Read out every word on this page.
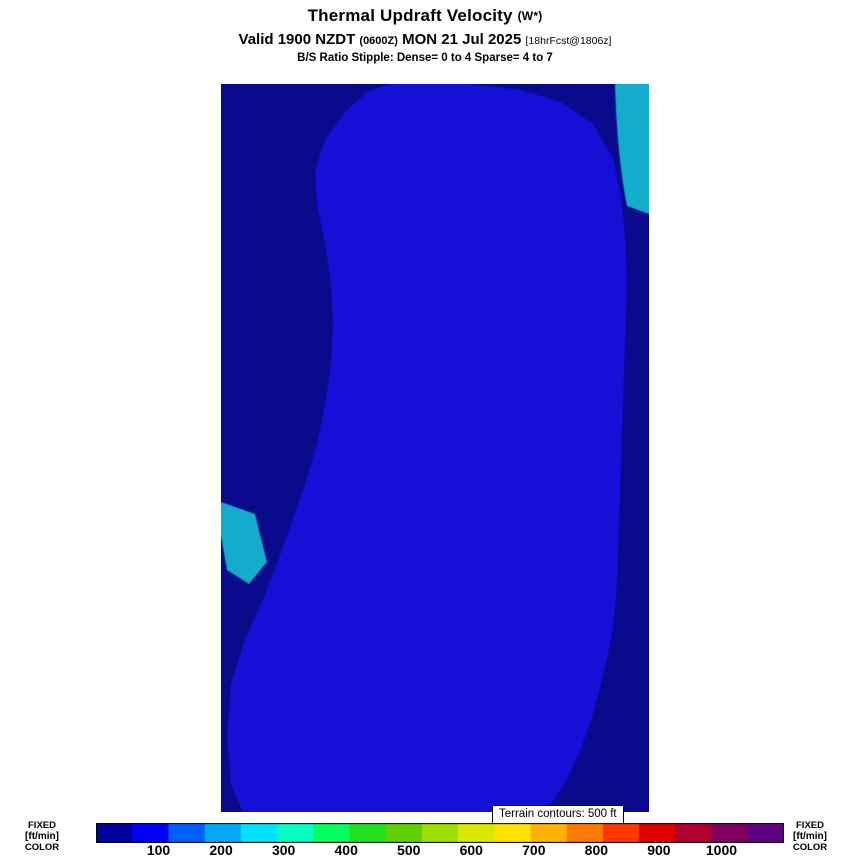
Thermal Updraft Velocity (W*)
Valid 1900 NZDT (0600Z) MON 21 Jul 2025 [18hrFcst@1806z]
B/S Ratio Stipple: Dense= 0 to 4 Sparse= 4 to 7
Terrain contours: 500 ft
FIXED
[ft/min]
COLOR	100	200	300	400	500	600	700	800	900	1000
FIXED
[ft/min]
COLOR
